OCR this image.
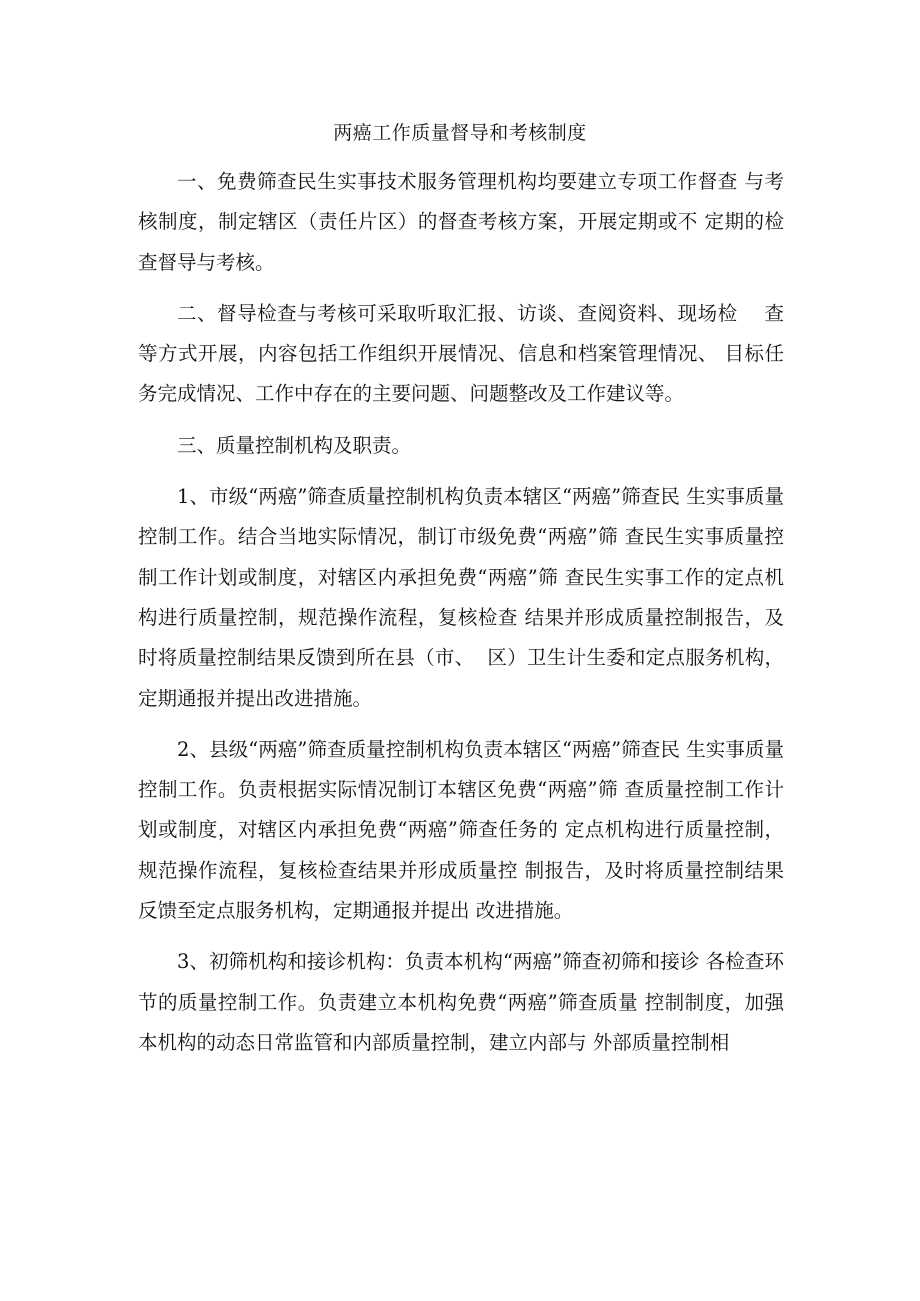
两癌工作质量督导和考核制度

一、免费筛查民生实事技术服务管理机构均要建立专项工作督查 与考核制度，制定辖区（责任片区）的督查考核方案，开展定期或不 定期的检查督导与考核。

二、督导检查与考核可采取听取汇报、访谈、查阅资料、现场检    查等方式开展，内容包括工作组织开展情况、信息和档案管理情况、 目标任务完成情况、工作中存在的主要问题、问题整改及工作建议等。

三、质量控制机构及职责。

1、市级“两癌”筛查质量控制机构负责本辖区“两癌”筛查民 生实事质量控制工作。结合当地实际情况，制订市级免费“两癌”筛 查民生实事质量控制工作计划或制度，对辖区内承担免费“两癌”筛 查民生实事工作的定点机构进行质量控制，规范操作流程，复核检查 结果并形成质量控制报告，及时将质量控制结果反馈到所在县（市、  区）卫生计生委和定点服务机构，定期通报并提出改进措施。

2、县级“两癌”筛查质量控制机构负责本辖区“两癌”筛查民 生实事质量控制工作。负责根据实际情况制订本辖区免费“两癌”筛 查质量控制工作计划或制度，对辖区内承担免费“两癌”筛查任务的 定点机构进行质量控制，规范操作流程，复核检查结果并形成质量控 制报告，及时将质量控制结果反馈至定点服务机构，定期通报并提出 改进措施。

3、初筛机构和接诊机构：负责本机构“两癌”筛查初筛和接诊 各检查环节的质量控制工作。负责建立本机构免费“两癌”筛查质量 控制制度，加强本机构的动态日常监管和内部质量控制，建立内部与 外部质量控制相
